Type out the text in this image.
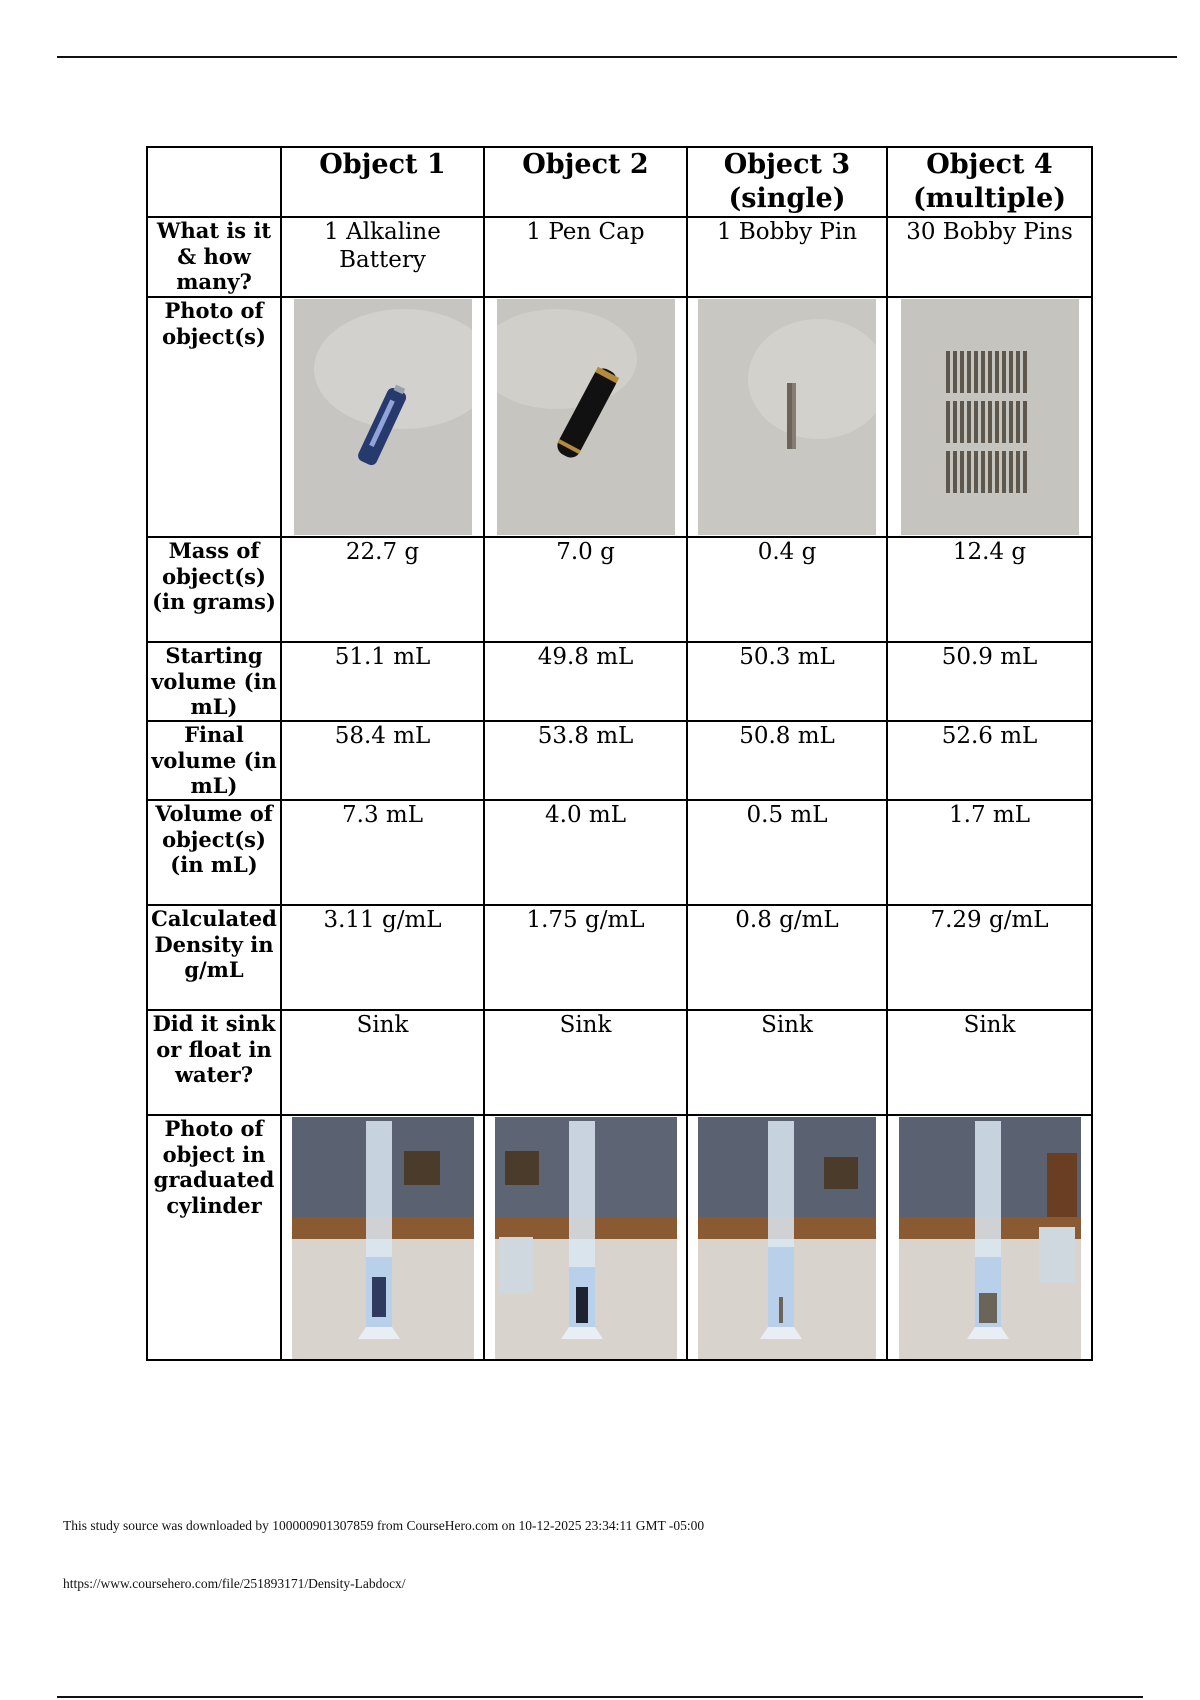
	Object 1	Object 2	Object 3 (single)	Object 4 (multiple)
What is it & how many?	1 Alkaline Battery	1 Pen Cap	1 Bobby Pin	30 Bobby Pins
Photo of object(s)	

Mass of object(s) (in grams)	22.7 g	7.0 g	0.4 g	12.4 g
Starting volume (in mL)	51.1 mL	49.8 mL	50.3 mL	50.9 mL
Final volume (in mL)	58.4 mL	53.8 mL	50.8 mL	52.6 mL
Volume of object(s) (in mL)	7.3 mL	4.0 mL	0.5 mL	1.7 mL
Calculated Density in g/mL	3.11 g/mL	1.75 g/mL	0.8 g/mL	7.29 g/mL
Did it sink or float in water?	Sink	Sink	Sink	Sink
Photo of object in graduated cylinder	

This study source was downloaded by 100000901307859 from CourseHero.com on 10-12-2025 23:34:11 GMT -05:00
https://www.coursehero.com/file/251893171/Density-Labdocx/
